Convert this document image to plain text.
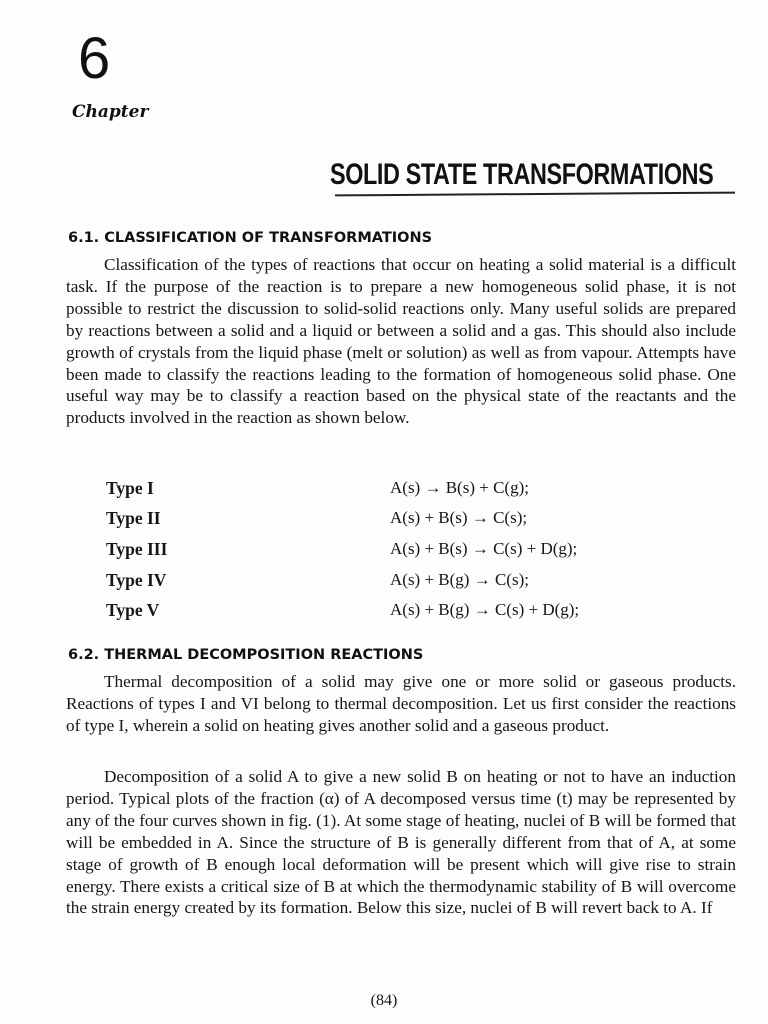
6
Chapter
SOLID STATE TRANSFORMATIONS
6.1. CLASSIFICATION OF TRANSFORMATIONS

Classification of the types of reactions that occur on heating a solid material is a difficult task. If the purpose of the reaction is to prepare a new homogeneous solid phase, it is not possible to restrict the discussion to solid-solid reactions only. Many useful solids are prepared by reactions between a solid and a liquid or between a solid and a gas. This should also include growth of crystals from the liquid phase (melt or solution) as well as from vapour. Attempts have been made to classify the reactions leading to the formation of homogeneous solid phase. One useful way may be to classify a reaction based on the physical state of the reactants and the products involved in the reaction as shown below.

Type I	A(s) → B(s) + C(g);
Type II	A(s) + B(s) → C(s);
Type III	A(s) + B(s) → C(s) + D(g);
Type IV	A(s) + B(g) → C(s);
Type V	A(s) + B(g) → C(s) + D(g);
6.2. THERMAL DECOMPOSITION REACTIONS

Thermal decomposition of a solid may give one or more solid or gaseous products. Reactions of types I and VI belong to thermal decomposition. Let us first consider the reactions of type I, wherein a solid on heating gives another solid and a gaseous product.

Decomposition of a solid A to give a new solid B on heating or not to have an induction period. Typical plots of the fraction (α) of A decomposed versus time (t) may be represented by any of the four curves shown in fig. (1). At some stage of heating, nuclei of B will be formed that will be embedded in A. Since the structure of B is generally different from that of A, at some stage of growth of B enough local deformation will be present which will give rise to strain energy. There exists a critical size of B at which the thermodynamic stability of B will overcome the strain energy created by its formation. Below this size, nuclei of B will revert back to A. If

(84)
